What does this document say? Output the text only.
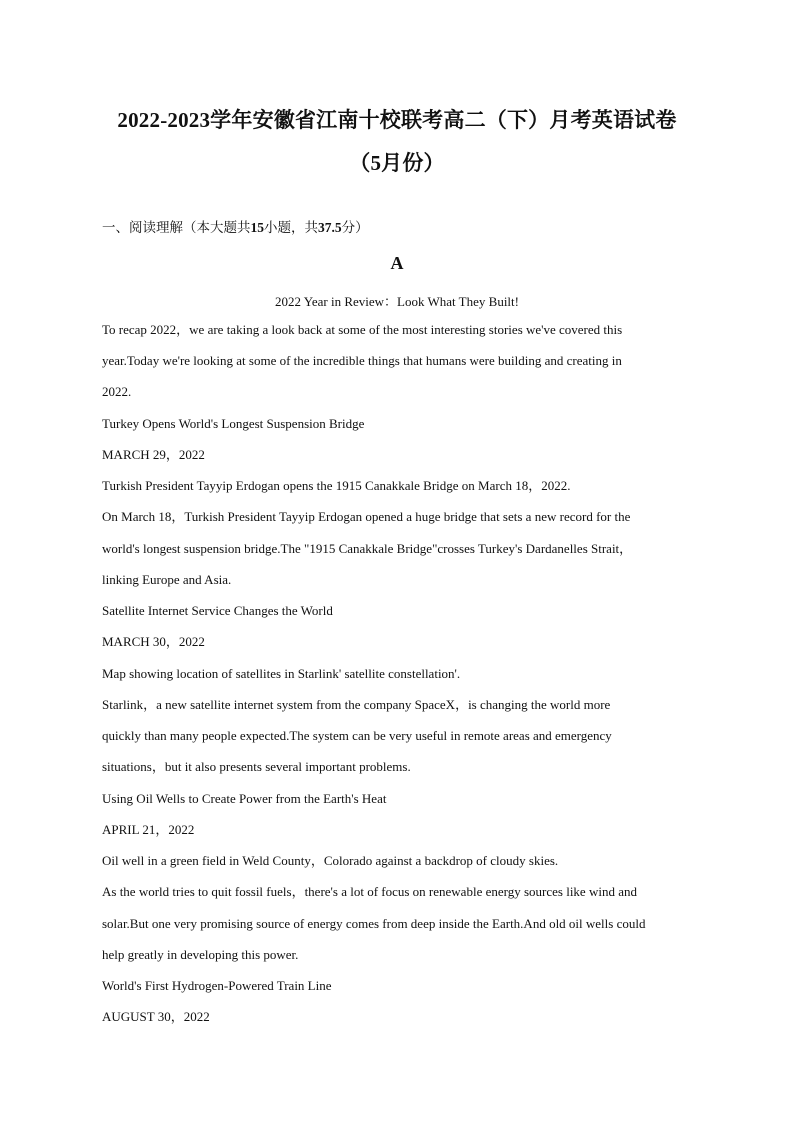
2022-2023学年安徽省江南十校联考高二（下）月考英语试卷
（5月份）
一、阅读理解（本大题共15小题，共37.5分）
A
2022 Year in Review：Look What They Built!
To recap 2022，we are taking a look back at some of the most interesting stories we've covered this
year.Today we're looking at some of the incredible things that humans were building and creating in
2022.
Turkey Opens World's Longest Suspension Bridge
MARCH 29，2022
Turkish President Tayyip Erdogan opens the 1915 Canakkale Bridge on March 18，2022.
On March 18，Turkish President Tayyip Erdogan opened a huge bridge that sets a new record for the
world's longest suspension bridge.The "1915 Canakkale Bridge"crosses Turkey's Dardanelles Strait，
linking Europe and Asia.
Satellite Internet Service Changes the World
MARCH 30，2022
Map showing location of satellites in Starlink' satellite constellation'.
Starlink，a new satellite internet system from the company SpaceX，is changing the world more
quickly than many people expected.The system can be very useful in remote areas and emergency
situations，but it also presents several important problems.
Using Oil Wells to Create Power from the Earth's Heat
APRIL 21，2022
Oil well in a green field in Weld County，Colorado against a backdrop of cloudy skies.
As the world tries to quit fossil fuels，there's a lot of focus on renewable energy sources like wind and
solar.But one very promising source of energy comes from deep inside the Earth.And old oil wells could
help greatly in developing this power.
World's First Hydrogen-Powered Train Line
AUGUST 30，2022
